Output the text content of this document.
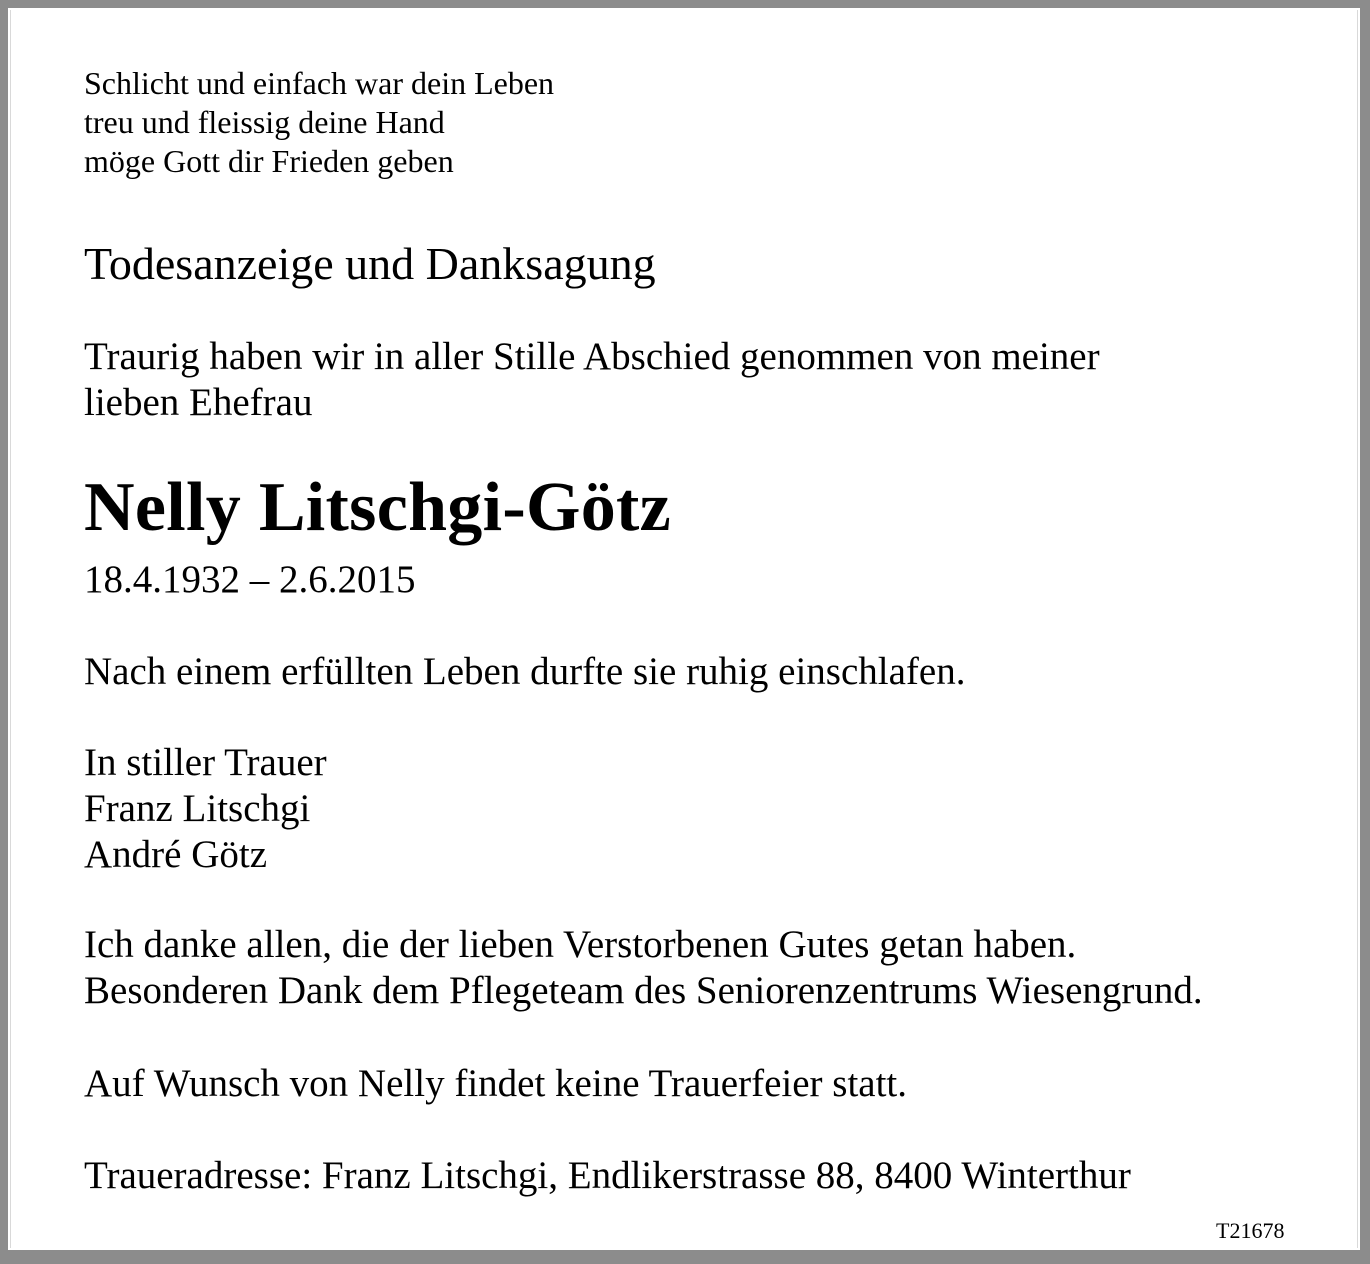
Schlicht und einfach war dein Leben
treu und fleissig deine Hand
möge Gott dir Frieden geben
Todesanzeige und Danksagung
Traurig haben wir in aller Stille Abschied genommen von meiner
lieben Ehefrau
Nelly Litschgi-Götz
18.4.1932 – 2.6.2015
Nach einem erfüllten Leben durfte sie ruhig einschlafen.
In stiller Trauer
Franz Litschgi
André Götz
Ich danke allen, die der lieben Verstorbenen Gutes getan haben.
Besonderen Dank dem Pflegeteam des Seniorenzentrums Wiesengrund.
Auf Wunsch von Nelly findet keine Trauerfeier statt.
Traueradresse: Franz Litschgi, Endlikerstrasse 88, 8400 Winterthur
T21678
